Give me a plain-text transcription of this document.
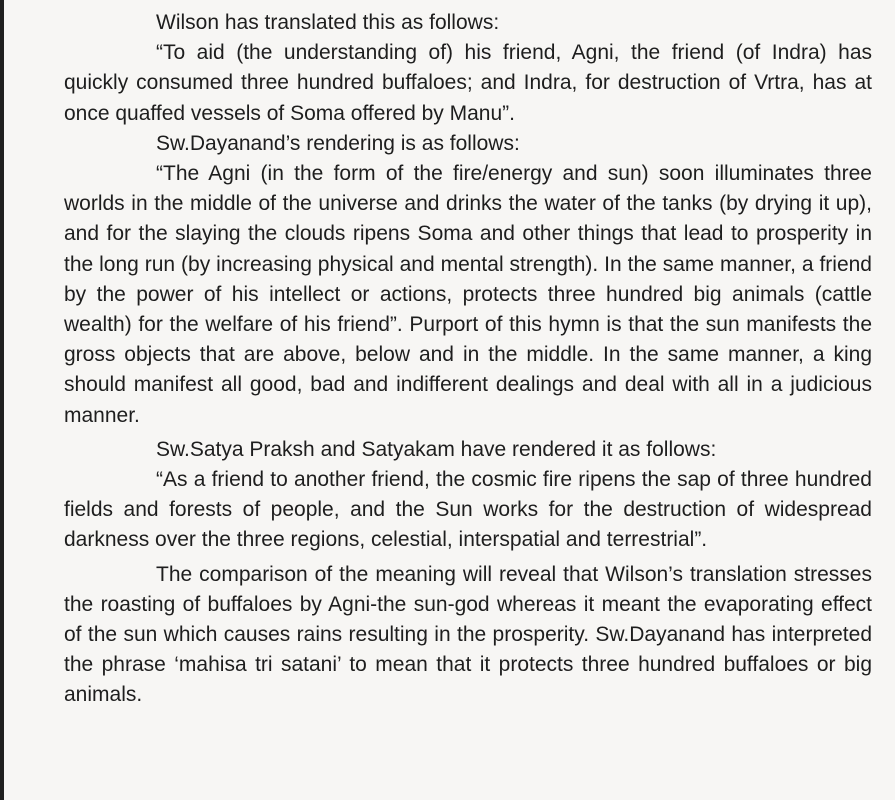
Wilson has translated this as follows:

“To aid (the understanding of) his friend, Agni, the friend (of Indra) has quickly consumed three hundred buffaloes; and Indra, for destruction of Vrtra, has at once quaffed vessels of Soma offered by Manu”.

Sw.Dayanand’s rendering is as follows:

“The Agni (in the form of the fire/energy and sun) soon illuminates three worlds in the middle of the universe and drinks the water of the tanks (by drying it up), and for the slaying the clouds ripens Soma and other things that lead to prosperity in the long run (by increasing physical and mental strength). In the same manner, a friend by the power of his intellect or actions, protects three hundred big animals (cattle wealth) for the welfare of his friend”. Purport of this hymn is that the sun manifests the gross objects that are above, below and in the middle. In the same manner, a king should manifest all good, bad and indifferent dealings and deal with all in a judicious manner.

Sw.Satya Praksh and Satyakam have rendered it as follows:

“As a friend to another friend, the cosmic fire ripens the sap of three hundred fields and forests of people, and the Sun works for the destruction of widespread darkness over the three regions, celestial, interspatial and terrestrial”.

The comparison of the meaning will reveal that Wilson’s translation stresses the roasting of buffaloes by Agni-the sun-god whereas it meant the evaporating effect of the sun which causes rains resulting in the prosperity. Sw.Dayanand has interpreted the phrase ‘mahisa tri satani’ to mean that it protects three hundred buffaloes or big animals.
